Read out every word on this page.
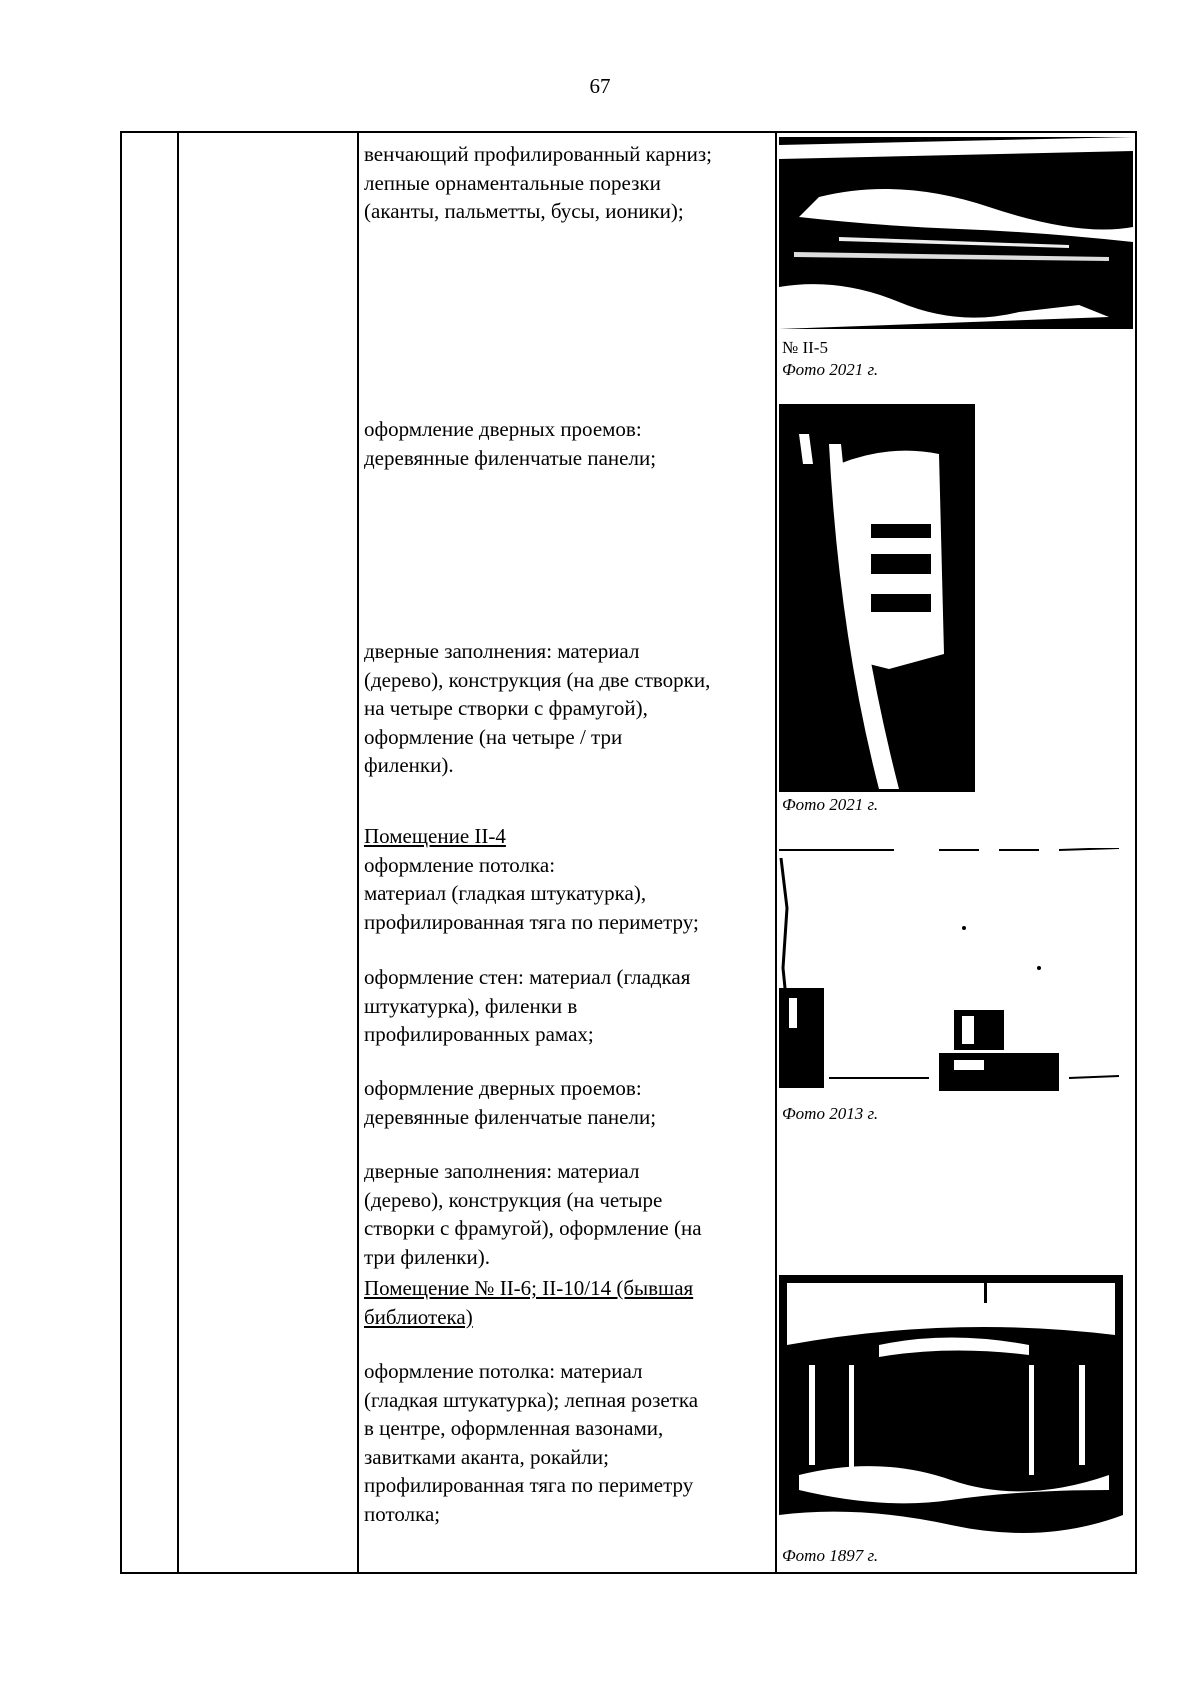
67

венчающий профилированный карниз;

лепные орнаментальные порезки

(аканты, пальметты, бусы, ионики);

оформление дверных проемов:

деревянные филенчатые панели;

дверные заполнения: материал

(дерево), конструкция (на две створки,

на четыре створки с фрамугой),

оформление (на четыре / три

филенки).

Помещение II-4

оформление потолка:

материал (гладкая штукатурка),

профилированная тяга по периметру;

оформление стен: материал (гладкая

штукатурка), филенки в

профилированных рамах;

оформление дверных проемов:

деревянные филенчатые панели;

дверные заполнения: материал

(дерево), конструкция (на четыре

створки с фрамугой), оформление (на

три филенки).

Помещение № II-6; II-10/14 (бывшая

библиотека)

оформление потолка: материал

(гладкая штукатурка); лепная розетка

в центре, оформленная вазонами,

завитками аканта, рокайли;

профилированная тяга по периметру

потолка;

№ II-5
Фото 2021 г.
Фото 2021 г.
Фото 2013 г.
Фото 1897 г.
